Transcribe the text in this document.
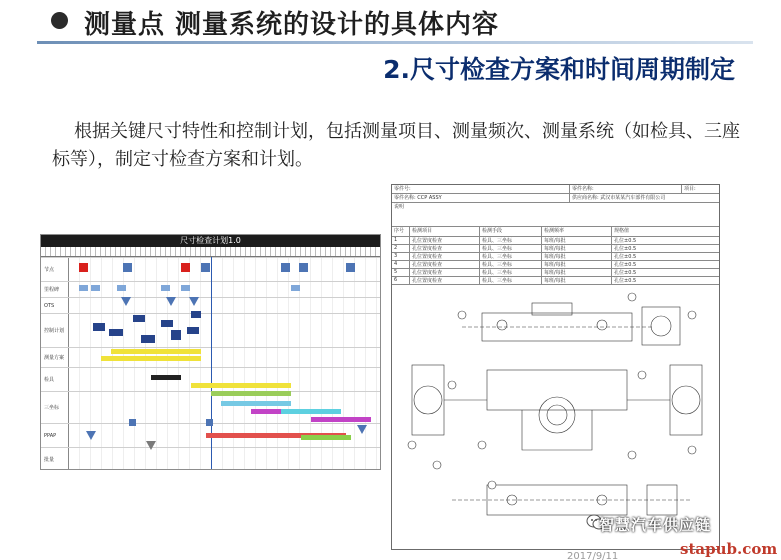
测量点 测量系统的设计的具体内容
2.尺寸检查方案和时间周期制定
根据关键尺寸特性和控制计划，包括测量项目、测量频次、测量系统（如检具、三座标等），制定寸检查方案和计划。
尺寸检查计划1.0
节点
里程碑
OTS
控制计划
测量方案
检具
三坐标
PPAP
批量
零件号:	零件名称:	项目:
零件名称: CCP ASSY	供应商名称: 武汉市某某汽车部件有限公司
说明
序号	检测项目	检测手段	检测频率	规格值
1	孔位置度检查	检具、三坐标	每班/每批	孔位±0.5
2	孔位置度检查	检具、三坐标	每班/每批	孔位±0.5
3	孔位置度检查	检具、三坐标	每班/每批	孔位±0.5
4	孔位置度检查	检具、三坐标	每班/每批	孔位±0.5
5	孔位置度检查	检具、三坐标	每班/每批	孔位±0.5
6	孔位置度检查	检具、三坐标	每班/每批	孔位±0.5
智慧汽车供应链
stapub.com
2017/9/11
